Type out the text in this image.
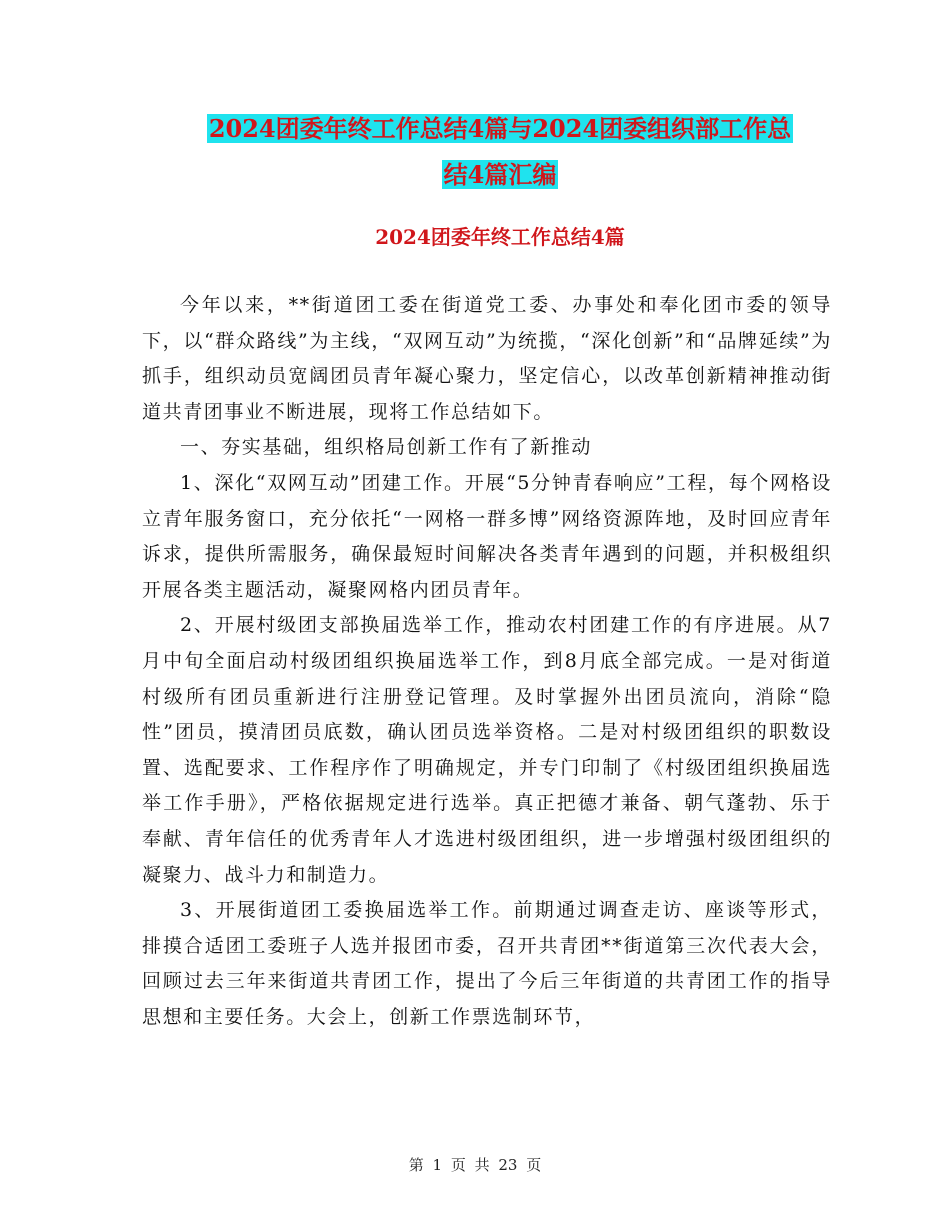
2024团委年终工作总结4篇与2024团委组织部工作总
结4篇汇编
2024团委年终工作总结4篇

今年以来，**街道团工委在街道党工委、办事处和奉化团市委的领导下，以“群众路线”为主线，“双网互动”为统揽，“深化创新”和“品牌延续”为抓手，组织动员宽阔团员青年凝心聚力，坚定信心，以改革创新精神推动街道共青团事业不断进展，现将工作总结如下。

一、夯实基础，组织格局创新工作有了新推动

1、深化“双网互动”团建工作。开展“5分钟青春响应”工程，每个网格设立青年服务窗口，充分依托“一网格一群多博”网络资源阵地，及时回应青年诉求，提供所需服务，确保最短时间解决各类青年遇到的问题，并积极组织开展各类主题活动，凝聚网格内团员青年。

2、开展村级团支部换届选举工作，推动农村团建工作的有序进展。从7月中旬全面启动村级团组织换届选举工作，到8月底全部完成。一是对街道村级所有团员重新进行注册登记管理。及时掌握外出团员流向，消除“隐性”团员，摸清团员底数，确认团员选举资格。二是对村级团组织的职数设置、选配要求、工作程序作了明确规定，并专门印制了《村级团组织换届选举工作手册》，严格依据规定进行选举。真正把德才兼备、朝气蓬勃、乐于奉献、青年信任的优秀青年人才选进村级团组织，进一步增强村级团组织的凝聚力、战斗力和制造力。

3、开展街道团工委换届选举工作。前期通过调查走访、座谈等形式，排摸合适团工委班子人选并报团市委，召开共青团**街道第三次代表大会，回顾过去三年来街道共青团工作，提出了今后三年街道的共青团工作的指导思想和主要任务。大会上，创新工作票选制环节，

第 1 页 共 23 页
